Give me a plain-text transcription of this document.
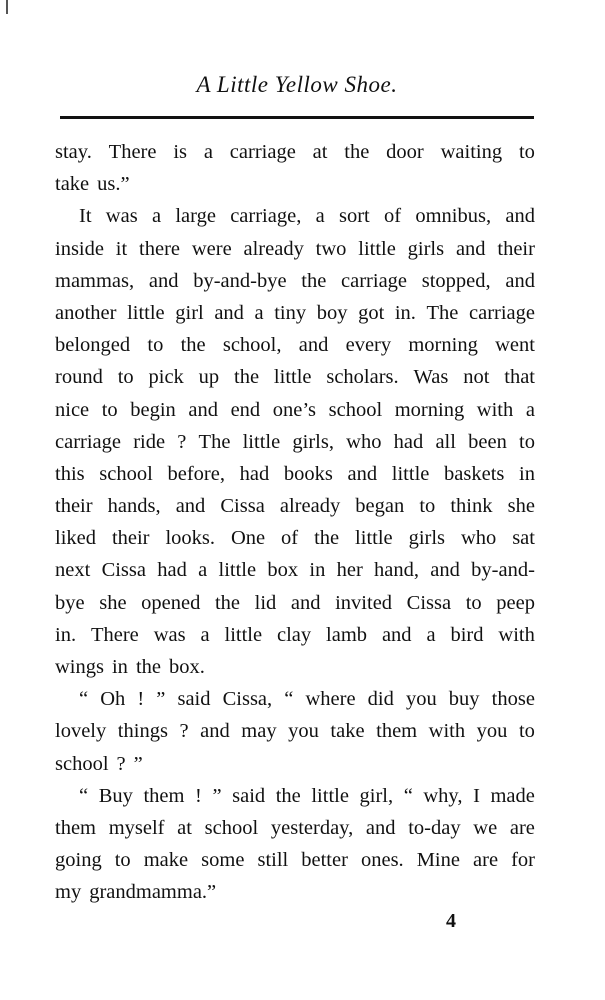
A Little Yellow Shoe.
stay. There is a carriage at the door waiting to
take us.”
It was a large carriage, a sort of omnibus, and
inside it there were already two little girls and their
mammas, and by-and-bye the carriage stopped, and
another little girl and a tiny boy got in. The carriage
belonged to the school, and every morning went
round to pick up the little scholars. Was not that
nice to begin and end one’s school morning with a
carriage ride ? The little girls, who had all been to
this school before, had books and little baskets in
their hands, and Cissa already began to think she
liked their looks. One of the little girls who sat
next Cissa had a little box in her hand, and by-and-
bye she opened the lid and invited Cissa to peep
in. There was a little clay lamb and a bird with
wings in the box.
“ Oh ! ” said Cissa, “ where did you buy those
lovely things ? and may you take them with you to
school ? ”
“ Buy them ! ” said the little girl, “ why, I made
them myself at school yesterday, and to-day we are
going to make some still better ones. Mine are for
my grandmamma.”
4
